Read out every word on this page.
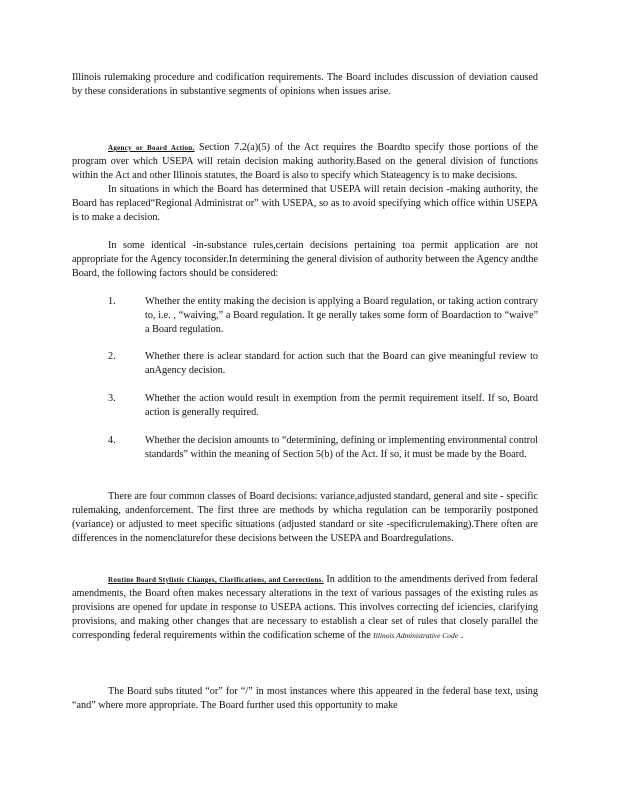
Illinois rulemaking procedure and codification requirements. The Board includes discussion of deviation caused by these considerations in substantive segments of opinions when issues arise.
Agency or Board Action. Section 7.2(a)(5) of the Act requires the Boardto specify those portions of the program over which USEPA will retain decision making authority.Based on the general division of functions within the Act and other Illinois statutes, the Board is also to specify which Stateagency is to make decisions.
In situations in which the Board has determined that USEPA will retain decision -making authority, the Board has replaced“Regional Administrat or” with USEPA, so as to avoid specifying which office within USEPA is to make a decision.
In some identical -in-substance rules,certain decisions pertaining toa permit application are not appropriate for the Agency toconsider.In determining the general division of authority between the Agency andthe Board, the following factors should be considered:
1.	Whether the entity making the decision is applying a Board regulation, or taking action contrary to, i.e. , “waiving,” a Board regulation. It ge nerally takes some form of Boardaction to “waive” a Board regulation.
2.	Whether there is aclear standard for action such that the Board can give meaningful review to anAgency decision.
3.	Whether the action would result in exemption from the permit requirement itself. If so, Board action is generally required.
4.	Whether the decision amounts to “determining, defining or implementing environmental control standards” within the meaning of Section 5(b) of the Act. If so, it must be made by the Board.
There are four common classes of Board decisions: variance,adjusted standard, general and site - specific rulemaking, andenforcement. The first three are methods by whicha regulation can be temporarily postponed (variance) or adjusted to meet specific situations (adjusted standard or site -specificrulemaking).There often are differences in the nomenclaturefor these decisions between the USEPA and Boardregulations.
Routine Board Stylistic Changes, Clarifications, and Corrections. In addition to the amendments derived from federal amendments, the Board often makes necessary alterations in the text of various passages of the existing rules as provisions are opened for update in response to USEPA actions. This involves correcting def iciencies, clarifying provisions, and making other changes that are necessary to establish a clear set of rules that closely parallel the corresponding federal requirements within the codification scheme of the Illinois Administrative Code .
The Board subs tituted “or” for “/” in most instances where this appeared in the federal base text, using “and” where more appropriate. The Board further used this opportunity to make
